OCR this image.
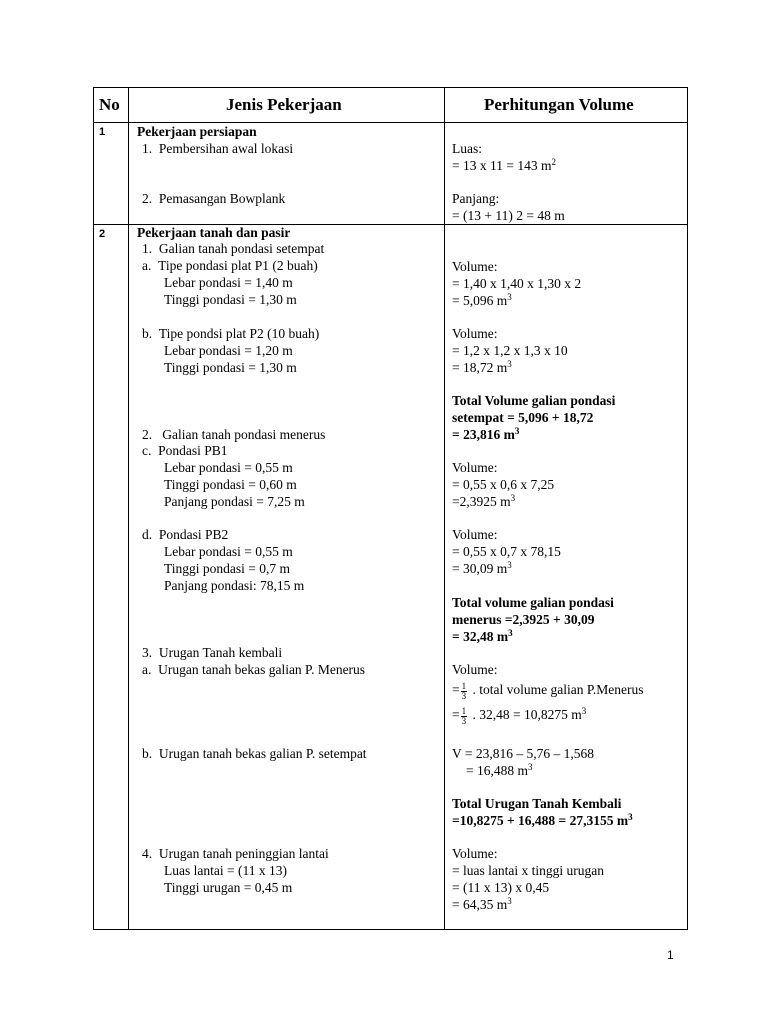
No	Jenis Pekerjaan	Perhitungan Volume
1 Pekerjaan persiapan
1.  Pembersihan awal lokasi
2.  Pemasangan Bowplank
Luas:
= 13 x 11 = 143 $m^2$
Panjang:
= (13 + 11) 2 = 48 m
2 Pekerjaan tanah dan pasir
1.  Galian tanah pondasi setempat
a.  Tipe pondasi plat P1 (2 buah)
Lebar pondasi = 1,40 m
Tinggi pondasi = 1,30 m
b.  Tipe pondsi plat P2 (10 buah)
Lebar pondasi = 1,20 m
Tinggi pondasi = 1,30 m
2.   Galian tanah pondasi menerus
c.  Pondasi PB1
Lebar pondasi = 0,55 m
Tinggi pondasi = 0,60 m
Panjang pondasi = 7,25 m
d.  Pondasi PB2
Lebar pondasi = 0,55 m
Tinggi pondasi = 0,7 m
Panjang pondasi: 78,15 m
3.  Urugan Tanah kembali
a.  Urugan tanah bekas galian P. Menerus
b.  Urugan tanah bekas galian P. setempat
4.  Urugan tanah peninggian lantai
Luas lantai = (11 x 13)
Tinggi urugan = 0,45 m
Volume:
= 1,40 x 1,40 x 1,30 x 2
= 5,096 $m^3$
Volume:
= 1,2 x 1,2 x 1,3 x 10
= 18,72 $m^3$
Total Volume galian pondasi
setempat = 5,096 + 18,72
= 23,816 $m^3$
Volume:
= 0,55 x 0,6 x 7,25
=2,3925 $m^3$
Volume:
= 0,55 x 0,7 x 78,15
= 30,09 $m^3$
Total volume galian pondasi
menerus =2,3925 + 30,09
= 32,48 $m^3$
Volume:
= $\frac{1}{3}$ . total volume galian P.Menerus
= $\frac{1}{3}$ . 32,48 = 10,8275 $m^3$
V = 23,816 – 5,76 – 1,568
= 16,488 $m^3$
Total Urugan Tanah Kembali
=10,8275 + 16,488 = 27,3155 $m^3$
Volume:
= luas lantai x tinggi urugan
= (11 x 13) x 0,45
= 64,35 $m^3$
1
